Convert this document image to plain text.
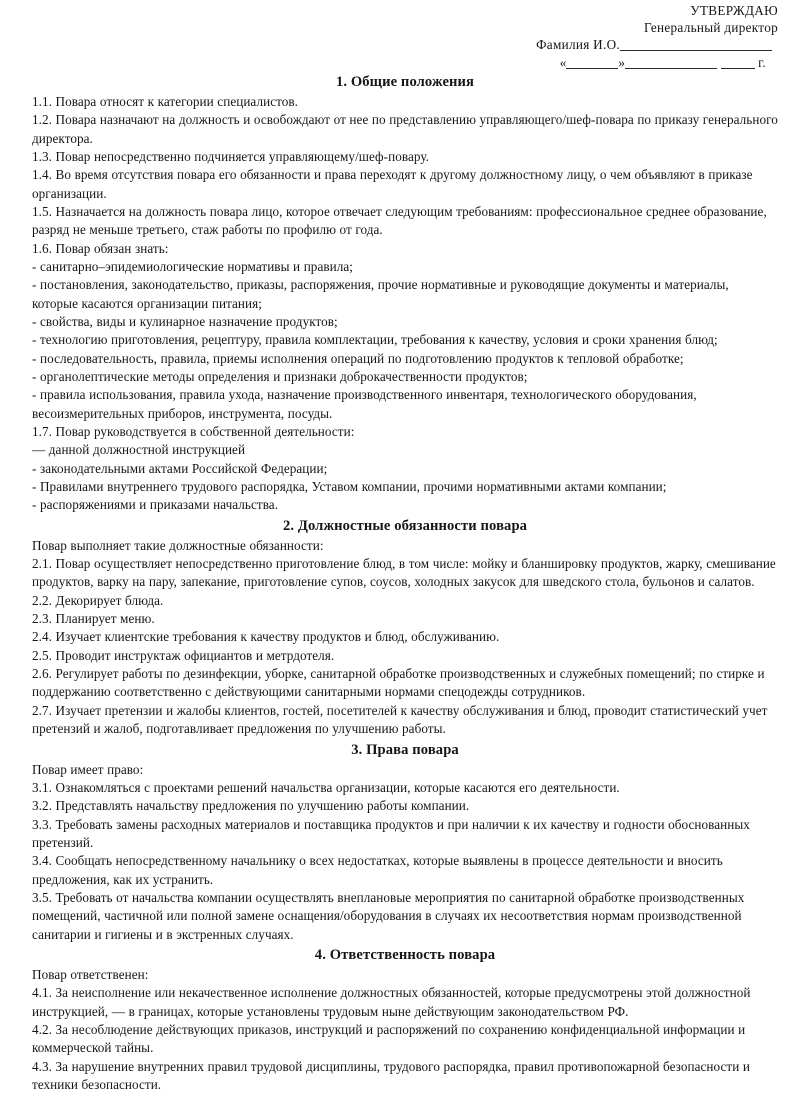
УТВЕРЖДАЮ
Генеральный директор
Фамилия И.О.
«	»	г.
1. Общие положения

1.1. Повара относят к категории специалистов.

1.2. Повара назначают на должность и освобождают от нее по представлению управляющего/шеф-повара по приказу генерального директора.

1.3. Повар непосредственно подчиняется управляющему/шеф-повару.

1.4. Во время отсутствия повара его обязанности и права переходят к другому должностному лицу, о чем объявляют в приказе организации.

1.5. Назначается на должность повара лицо, которое отвечает следующим требованиям: профессиональное среднее образование, разряд не меньше третьего, стаж работы по профилю от года.

1.6. Повар обязан знать:

- санитарно–эпидемиологические нормативы и правила;

- постановления, законодательство, приказы, распоряжения, прочие нормативные и руководящие документы и материалы, которые касаются организации питания;

- свойства, виды и кулинарное назначение продуктов;

- технологию приготовления, рецептуру, правила комплектации, требования к качеству, условия и сроки хранения блюд;

- последовательность, правила, приемы исполнения операций по подготовлению продуктов к тепловой обработке;

- органолептические методы определения и признаки доброкачественности продуктов;

- правила использования, правила ухода, назначение производственного инвентаря, технологического оборудования, весоизмерительных приборов, инструмента, посуды.

1.7. Повар руководствуется в собственной деятельности:

— данной должностной инструкцией

- законодательными актами Российской Федерации;

- Правилами внутреннего трудового распорядка, Уставом компании, прочими нормативными актами компании;

- распоряжениями и приказами начальства.

2. Должностные обязанности повара

Повар выполняет такие должностные обязанности:

2.1. Повар осуществляет непосредственно приготовление блюд, в том числе: мойку и бланшировку продуктов, жарку, смешивание продуктов, варку на пару, запекание, приготовление супов, соусов, холодных закусок для шведского стола, бульонов и салатов.

2.2. Декорирует блюда.

2.3. Планирует меню.

2.4. Изучает клиентские требования к качеству продуктов и блюд, обслуживанию.

2.5. Проводит инструктаж официантов и метрдотеля.

2.6. Регулирует работы по дезинфекции, уборке, санитарной обработке производственных и служебных помещений; по стирке и поддержанию соответственно с действующими санитарными нормами спецодежды сотрудников.

2.7. Изучает претензии и жалобы клиентов, гостей, посетителей к качеству обслуживания и блюд, проводит статистический учет претензий и жалоб, подготавливает предложения по улучшению работы.

3. Права повара

Повар имеет право:

3.1. Ознакомляться с проектами решений начальства организации, которые касаются его деятельности.

3.2. Представлять начальству предложения по улучшению работы компании.

3.3. Требовать замены расходных материалов и поставщика продуктов и при наличии к их качеству и годности обоснованных претензий.

3.4. Сообщать непосредственному начальнику о всех недостатках, которые выявлены в процессе деятельности и вносить предложения, как их устранить.

3.5. Требовать от начальства компании осуществлять внеплановые мероприятия по санитарной обработке производственных помещений, частичной или полной замене оснащения/оборудования в случаях их несоответствия нормам производственной санитарии и гигиены и в экстренных случаях.

4. Ответственность повара

Повар ответственен:

4.1. За неисполнение или некачественное исполнение должностных обязанностей, которые предусмотрены этой должностной инструкцией, — в границах, которые установлены трудовым ныне действующим законодательством РФ.

4.2. За несоблюдение действующих приказов, инструкций и распоряжений по сохранению конфиденциальной информации и коммерческой тайны.

4.3. За нарушение внутренних правил трудовой дисциплины, трудового распорядка, правил противопожарной безопасности и техники безопасности.
